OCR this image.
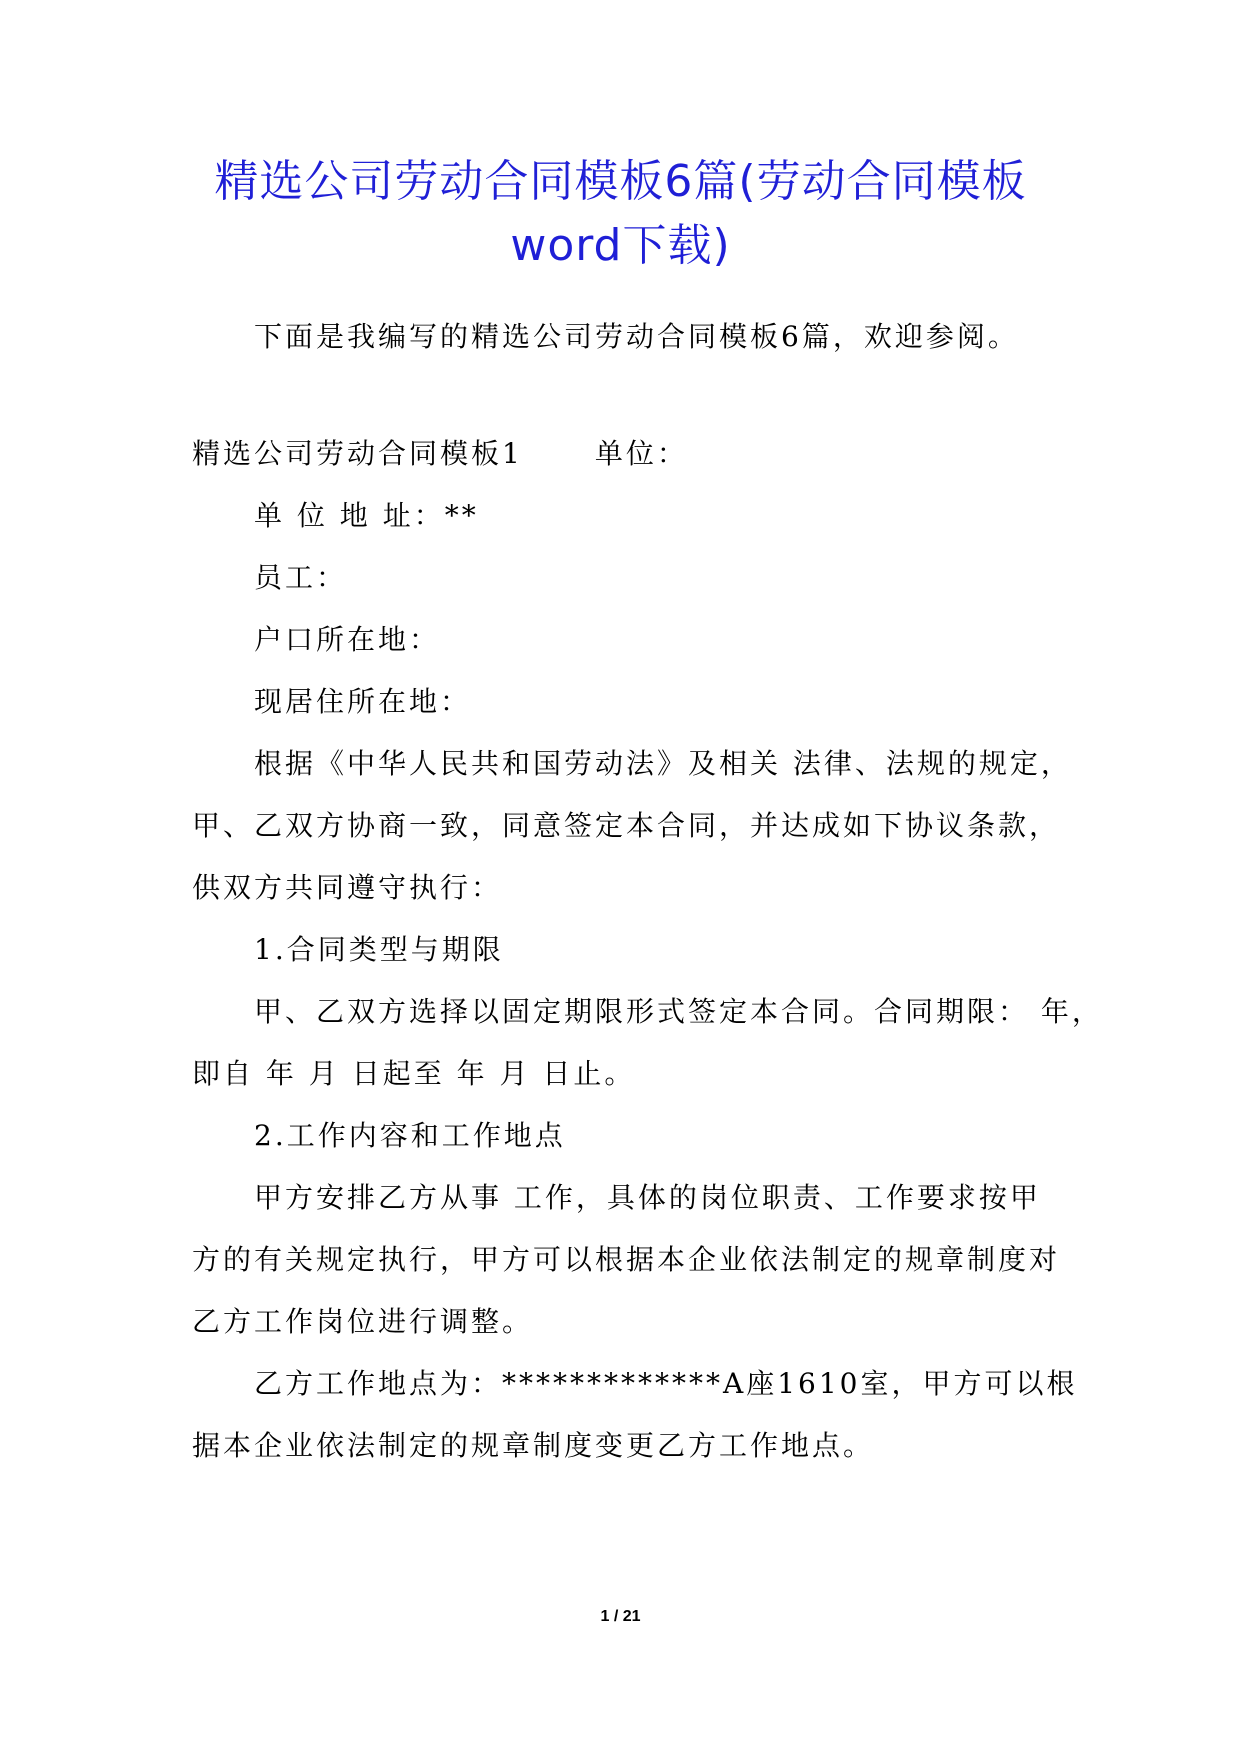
精选公司劳动合同模板6篇(劳动合同模板
word下载)
下面是我编写的精选公司劳动合同模板6篇，欢迎参阅。
精选公司劳动合同模板1	单位：
单 位 地 址：**
员工：
户口所在地：
现居住所在地：
根据《中华人民共和国劳动法》及相关 法律、法规的规定，
甲、乙双方协商一致，同意签定本合同，并达成如下协议条款，
供双方共同遵守执行：
1.合同类型与期限
甲、乙双方选择以固定期限形式签定本合同。合同期限： 年，
即自 年 月 日起至 年 月 日止。
2.工作内容和工作地点
甲方安排乙方从事 工作，具体的岗位职责、工作要求按甲
方的有关规定执行，甲方可以根据本企业依法制定的规章制度对
乙方工作岗位进行调整。
乙方工作地点为：*************A座1610室，甲方可以根
据本企业依法制定的规章制度变更乙方工作地点。
1 / 21
